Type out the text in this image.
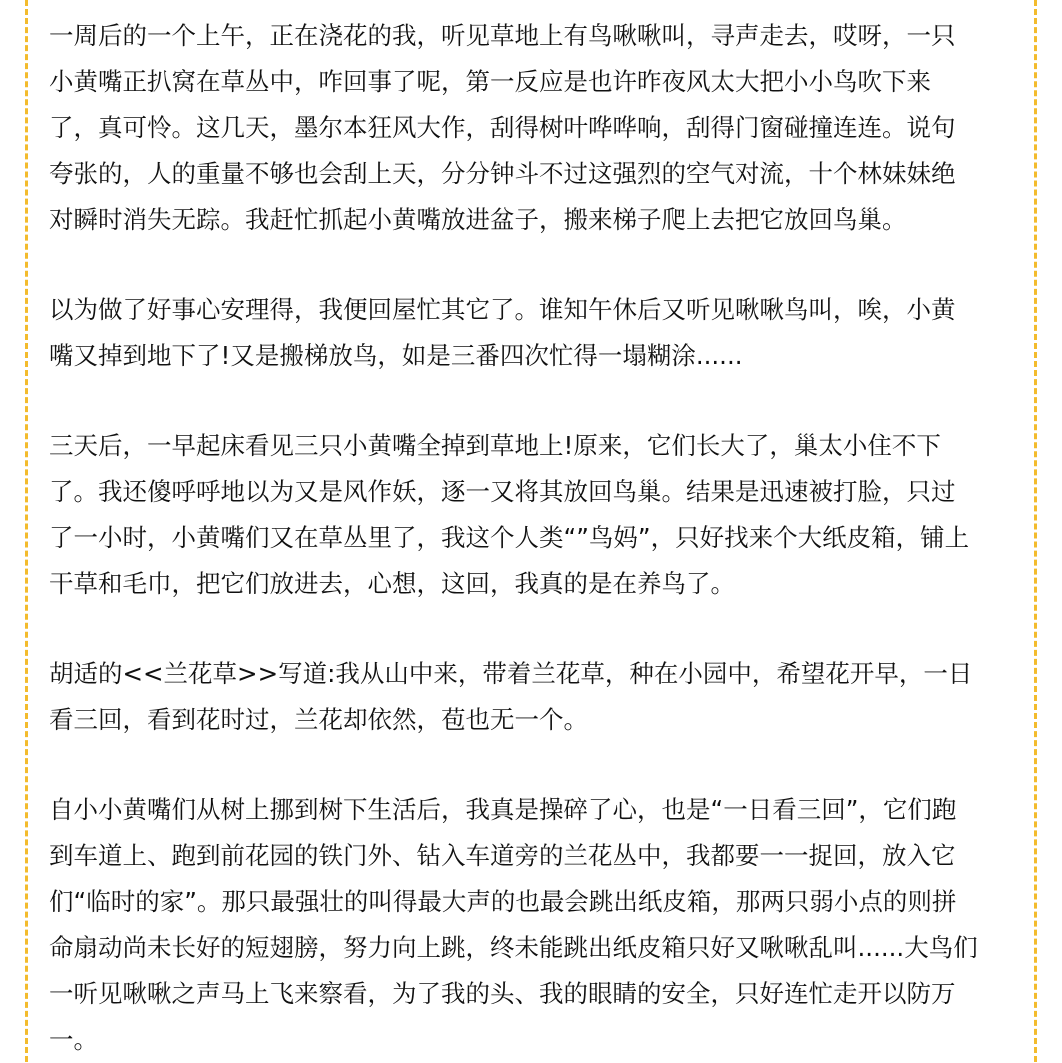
一周后的一个上午，正在浇花的我，听见草地上有鸟啾啾叫，寻声走去，哎呀，一只
小黄嘴正扒窝在草丛中，咋回事了呢，第一反应是也许昨夜风太大把小小鸟吹下来
了，真可怜。这几天，墨尔本狂风大作，刮得树叶哗哗响，刮得门窗碰撞连连。说句
夸张的，人的重量不够也会刮上天，分分钟斗不过这强烈的空气对流，十个林妹妹绝
对瞬时消失无踪。我赶忙抓起小黄嘴放进盆子，搬来梯子爬上去把它放回鸟巢。

以为做了好事心安理得，我便回屋忙其它了。谁知午休后又听见啾啾鸟叫，唉，小黄
嘴又掉到地下了!又是搬梯放鸟，如是三番四次忙得一塌糊涂......

三天后，一早起床看见三只小黄嘴全掉到草地上!原来，它们长大了，巢太小住不下
了。我还傻呼呼地以为又是风作妖，逐一又将其放回鸟巢。结果是迅速被打脸，只过
了一小时，小黄嘴们又在草丛里了，我这个人类“”鸟妈”，只好找来个大纸皮箱，铺上
干草和毛巾，把它们放进去，心想，这回，我真的是在养鸟了。

胡适的<<兰花草>>写道:我从山中来，带着兰花草，种在小园中，希望花开早，一日
看三回，看到花时过，兰花却依然，苞也无一个。

自小小黄嘴们从树上挪到树下生活后，我真是操碎了心，也是“一日看三回”，它们跑
到车道上、跑到前花园的铁门外、钻入车道旁的兰花丛中，我都要一一捉回，放入它
们“临时的家”。那只最强壮的叫得最大声的也最会跳出纸皮箱，那两只弱小点的则拼
命扇动尚未长好的短翅膀，努力向上跳，终未能跳出纸皮箱只好又啾啾乱叫......大鸟们
一听见啾啾之声马上飞来察看，为了我的头、我的眼睛的安全，只好连忙走开以防万
一。
